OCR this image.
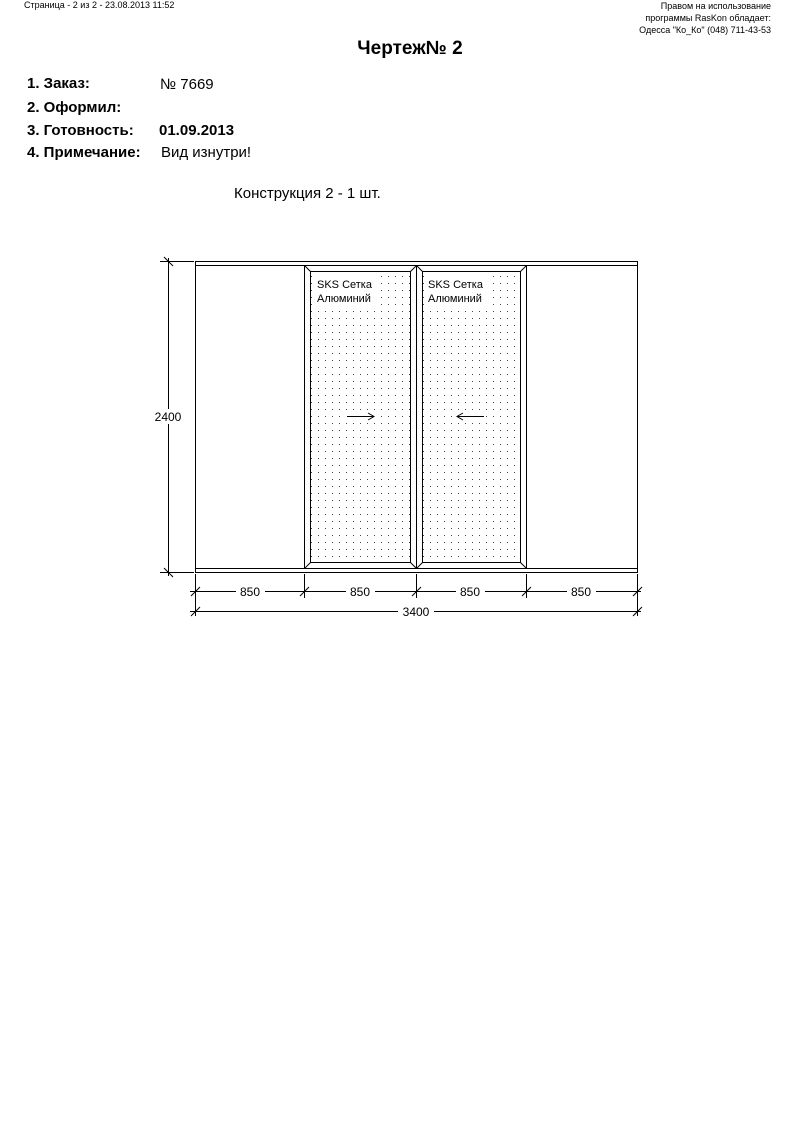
Страница - 2 из 2 - 23.08.2013 11:52	Правом на использование
программы RasKon обладает:
Одесса "Ко_Ко" (048) 711-43-53
Чертеж№ 2
1. Заказ:	№ 7669
2. Оформил:
3. Готовность: 01.09.2013
4. Примечание: Вид изнутри!
Конструкция 2 - 1 шт.
SKS Сетка
Алюминий
SKS Сетка
Алюминий
2400
850	850	850	850
3400
